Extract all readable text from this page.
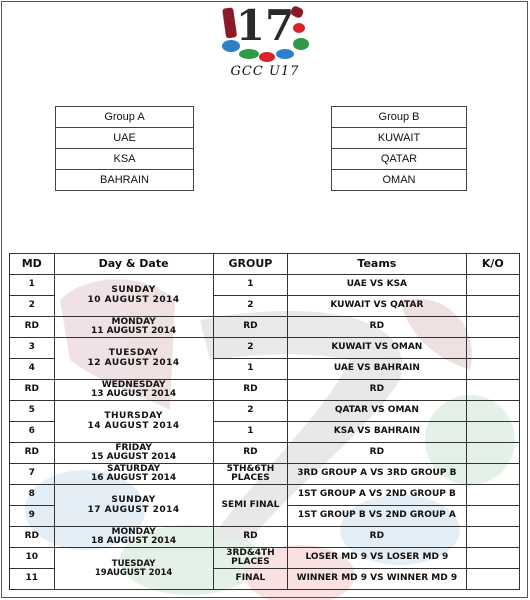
17
GCC U17
Group A
UAE
KSA
BAHRAIN
Group B
KUWAIT
QATAR
OMAN
MD	Day & Date	GROUP	Teams	K/O
1	SUNDAY
10 AUGUST 2014	1	UAE VS KSA	
2		2	KUWAIT VS QATAR	
RD	MONDAY
11 AUGUST 2014	RD	RD	
3	TUESDAY
12 AUGUST 2014	2	KUWAIT VS OMAN	
4		1	UAE VS BAHRAIN	
RD	WEDNESDAY
13 AUGUST 2014	RD	RD	
5	THURSDAY
14 AUGUST 2014	2	QATAR VS OMAN	
6		1	KSA VS BAHRAIN	
RD	FRIDAY
15 AUGUST 2014	RD	RD	
7	SATURDAY
16 AUGUST 2014	5TH&6TH
PLACES	3RD GROUP A VS 3RD GROUP B	
8	SUNDAY
17 AUGUST 2014	SEMI FINAL	1ST GROUP A VS 2ND GROUP B	
9			1ST GROUP B VS 2ND GROUP A	
RD	MONDAY
18 AUGUST 2014	RD	RD	
10	TUESDAY
19AUGUST 2014	3RD&4TH
PLACES	LOSER MD 9 VS LOSER MD 9	
11		FINAL	WINNER MD 9 VS WINNER MD 9	
